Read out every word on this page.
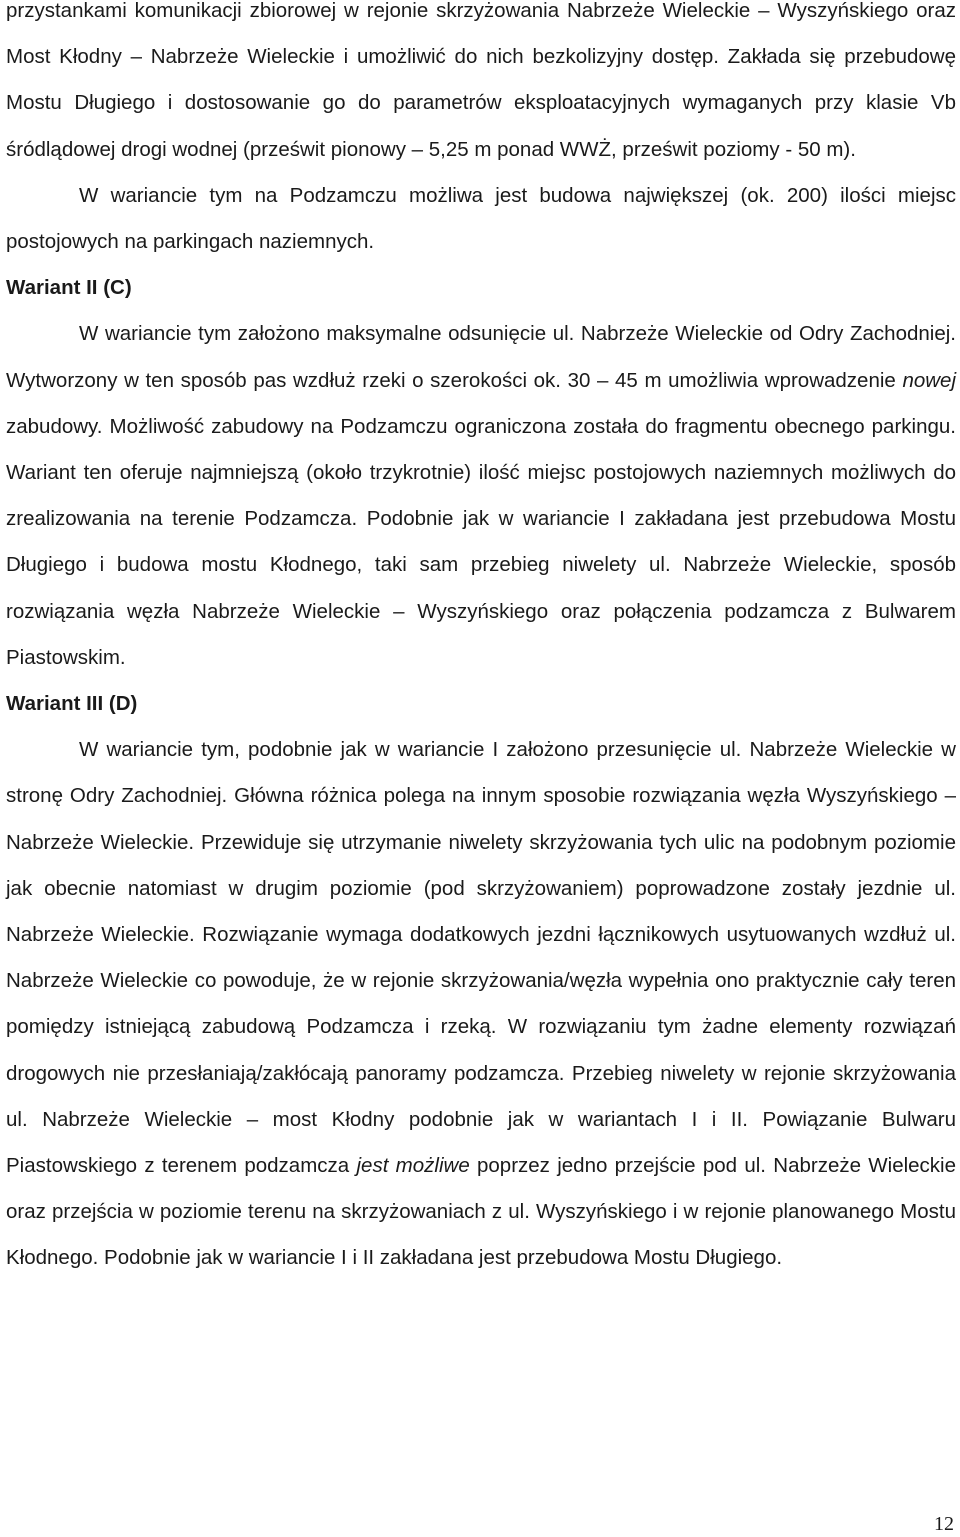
przystankami komunikacji zbiorowej w rejonie skrzyżowania Nabrzeże Wieleckie – Wyszyńskiego oraz Most Kłodny – Nabrzeże Wieleckie i umożliwić do nich bezkolizyjny dostęp. Zakłada się przebudowę Mostu Długiego i dostosowanie go do parametrów eksploatacyjnych wymaganych przy klasie Vb śródlądowej drogi wodnej (prześwit pionowy – 5,25 m ponad WWŻ, prześwit poziomy - 50 m).

W wariancie tym na Podzamczu możliwa jest budowa największej (ok. 200) ilości miejsc postojowych na parkingach naziemnych.

Wariant II (C)

W wariancie tym założono maksymalne odsunięcie ul. Nabrzeże Wieleckie od Odry Zachodniej. Wytworzony w ten sposób pas wzdłuż rzeki o szerokości ok. 30 – 45 m umożliwia wprowadzenie nowej zabudowy. Możliwość zabudowy na Podzamczu ograniczona została do fragmentu obecnego parkingu. Wariant ten oferuje najmniejszą (około trzykrotnie) ilość miejsc postojowych naziemnych możliwych do zrealizowania na terenie Podzamcza. Podobnie jak w wariancie I zakładana jest przebudowa Mostu Długiego i budowa mostu Kłodnego, taki sam przebieg niwelety ul. Nabrzeże Wieleckie, sposób rozwiązania węzła Nabrzeże Wieleckie – Wyszyńskiego oraz połączenia podzamcza z Bulwarem Piastowskim.

Wariant III (D)

W wariancie tym, podobnie jak w wariancie I założono przesunięcie ul. Nabrzeże Wieleckie w stronę Odry Zachodniej. Główna różnica polega na innym sposobie rozwiązania węzła Wyszyńskiego – Nabrzeże Wieleckie. Przewiduje się utrzymanie niwelety skrzyżowania tych ulic na podobnym poziomie jak obecnie natomiast w drugim poziomie (pod skrzyżowaniem) poprowadzone zostały jezdnie ul. Nabrzeże Wieleckie. Rozwiązanie wymaga dodatkowych jezdni łącznikowych usytuowanych wzdłuż ul. Nabrzeże Wieleckie co powoduje, że w rejonie skrzyżowania/węzła wypełnia ono praktycznie cały teren pomiędzy istniejącą zabudową Podzamcza i rzeką. W rozwiązaniu tym żadne elementy rozwiązań drogowych nie przesłaniają/zakłócają panoramy podzamcza. Przebieg niwelety w rejonie skrzyżowania ul. Nabrzeże Wieleckie – most Kłodny podobnie jak w wariantach I i II. Powiązanie Bulwaru Piastowskiego z terenem podzamcza jest możliwe poprzez jedno przejście pod ul. Nabrzeże Wieleckie oraz przejścia w poziomie terenu na skrzyżowaniach z ul. Wyszyńskiego i w rejonie planowanego Mostu Kłodnego. Podobnie jak w wariancie I i II zakładana jest przebudowa Mostu Długiego.

12
